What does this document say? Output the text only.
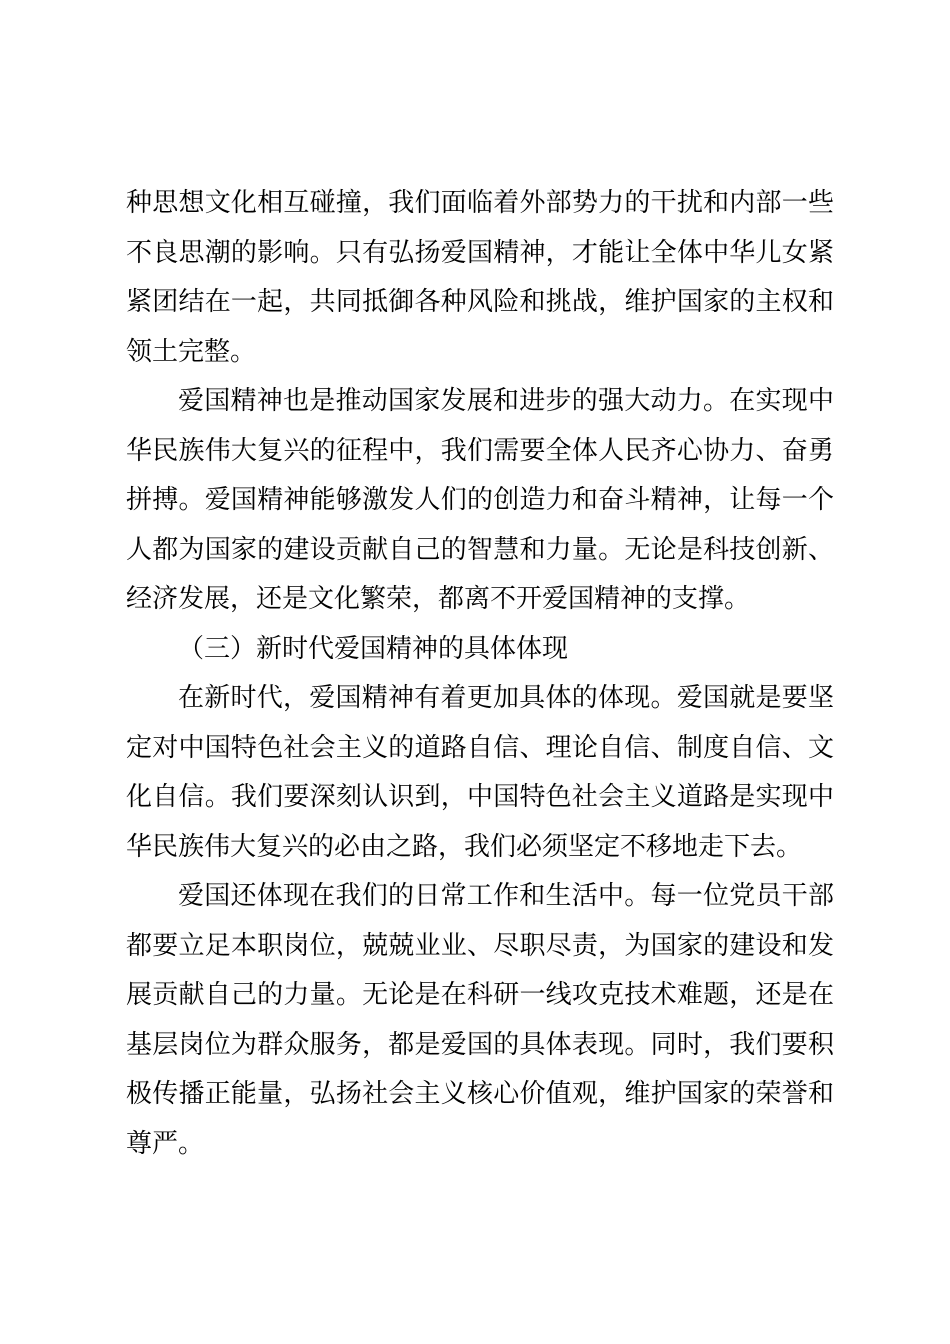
种思想文化相互碰撞，我们面临着外部势力的干扰和内部一些不良思潮的影响。只有弘扬爱国精神，才能让全体中华儿女紧紧团结在一起，共同抵御各种风险和挑战，维护国家的主权和领土完整。

爱国精神也是推动国家发展和进步的强大动力。在实现中华民族伟大复兴的征程中，我们需要全体人民齐心协力、奋勇拼搏。爱国精神能够激发人们的创造力和奋斗精神，让每一个人都为国家的建设贡献自己的智慧和力量。无论是科技创新、经济发展，还是文化繁荣，都离不开爱国精神的支撑。

（三）新时代爱国精神的具体体现

在新时代，爱国精神有着更加具体的体现。爱国就是要坚定对中国特色社会主义的道路自信、理论自信、制度自信、文化自信。我们要深刻认识到，中国特色社会主义道路是实现中华民族伟大复兴的必由之路，我们必须坚定不移地走下去。

爱国还体现在我们的日常工作和生活中。每一位党员干部都要立足本职岗位，兢兢业业、尽职尽责，为国家的建设和发展贡献自己的力量。无论是在科研一线攻克技术难题，还是在基层岗位为群众服务，都是爱国的具体表现。同时，我们要积极传播正能量，弘扬社会主义核心价值观，维护国家的荣誉和尊严。
